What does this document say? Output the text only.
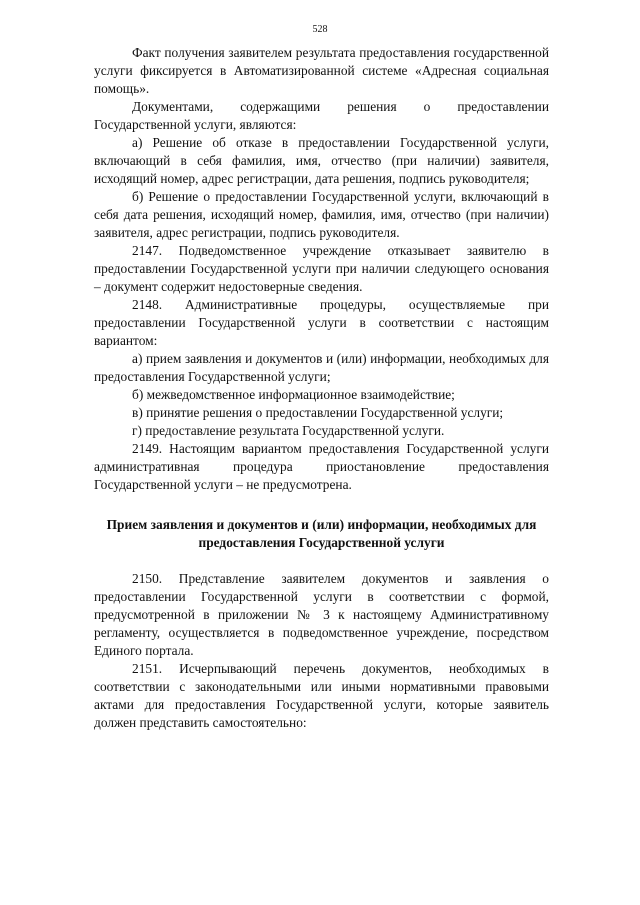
528

Факт получения заявителем результата предоставления государственной услуги фиксируется в Автоматизированной системе «Адресная социальная помощь».

Документами, содержащими решения о предоставлении Государственной услуги, являются:

а) Решение об отказе в предоставлении Государственной услуги, включающий в себя фамилия, имя, отчество (при наличии) заявителя, исходящий номер, адрес регистрации, дата решения, подпись руководителя;

б) Решение о предоставлении Государственной услуги, включающий в себя дата решения, исходящий номер, фамилия, имя, отчество (при наличии) заявителя, адрес регистрации, подпись руководителя.

2147. Подведомственное учреждение отказывает заявителю в предоставлении Государственной услуги при наличии следующего основания – документ содержит недостоверные сведения.

2148. Административные процедуры, осуществляемые при предоставлении Государственной услуги в соответствии с настоящим вариантом:

а) прием заявления и документов и (или) информации, необходимых для предоставления Государственной услуги;

б) межведомственное информационное взаимодействие;

в) принятие решения о предоставлении Государственной услуги;

г) предоставление результата Государственной услуги.

2149. Настоящим вариантом предоставления Государственной услуги административная процедура приостановление предоставления Государственной услуги – не предусмотрена.

Прием заявления и документов и (или) информации, необходимых для предоставления Государственной услуги

2150. Представление заявителем документов и заявления о предоставлении Государственной услуги в соответствии с формой, предусмотренной в приложении № 3 к настоящему Административному регламенту, осуществляется в подведомственное учреждение, посредством Единого портала.

2151. Исчерпывающий перечень документов, необходимых в соответствии с законодательными или иными нормативными правовыми актами для предоставления Государственной услуги, которые заявитель должен представить самостоятельно:
